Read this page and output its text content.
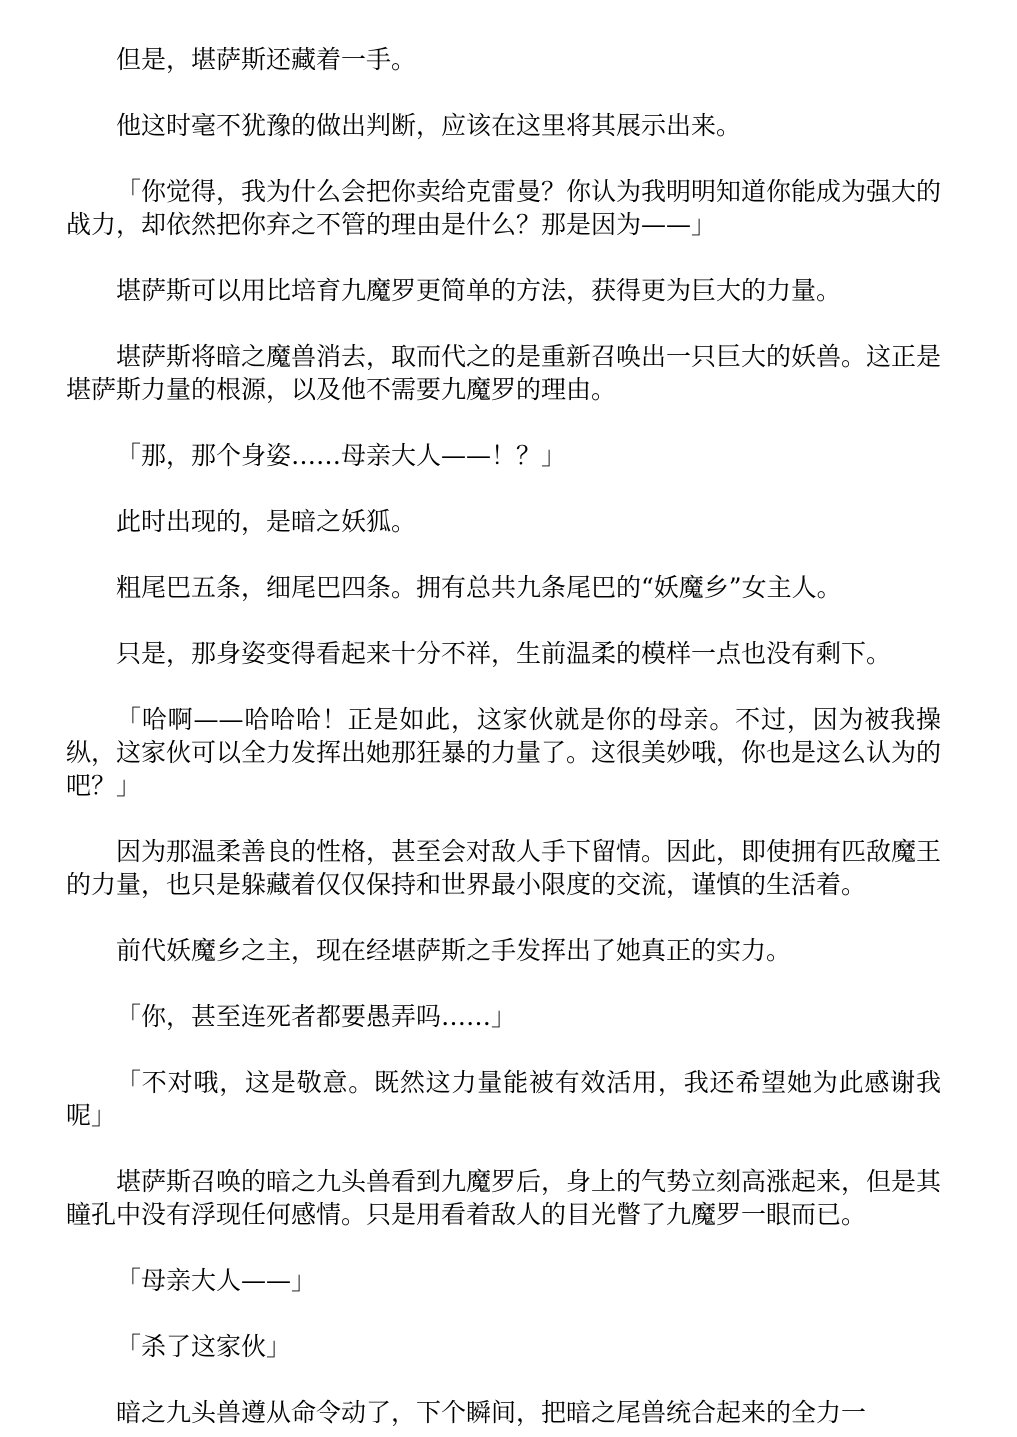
但是，堪萨斯还藏着一手。

他这时毫不犹豫的做出判断，应该在这里将其展示出来。

「你觉得，我为什么会把你卖给克雷曼？你认为我明明知道你能成为强大的战力，却依然把你弃之不管的理由是什么？那是因为——」

堪萨斯可以用比培育九魔罗更简单的方法，获得更为巨大的力量。

堪萨斯将暗之魔兽消去，取而代之的是重新召唤出一只巨大的妖兽。这正是堪萨斯力量的根源，以及他不需要九魔罗的理由。

「那，那个身姿……母亲大人——！？」

此时出现的，是暗之妖狐。

粗尾巴五条，细尾巴四条。拥有总共九条尾巴的“妖魔乡”女主人。

只是，那身姿变得看起来十分不祥，生前温柔的模样一点也没有剩下。

「哈啊——哈哈哈！正是如此，这家伙就是你的母亲。不过，因为被我操纵，这家伙可以全力发挥出她那狂暴的力量了。这很美妙哦，你也是这么认为的吧？」

因为那温柔善良的性格，甚至会对敌人手下留情。因此，即使拥有匹敌魔王的力量，也只是躲藏着仅仅保持和世界最小限度的交流，谨慎的生活着。

前代妖魔乡之主，现在经堪萨斯之手发挥出了她真正的实力。

「你，甚至连死者都要愚弄吗……」

「不对哦，这是敬意。既然这力量能被有效活用，我还希望她为此感谢我呢」

堪萨斯召唤的暗之九头兽看到九魔罗后，身上的气势立刻高涨起来，但是其瞳孔中没有浮现任何感情。只是用看着敌人的目光瞥了九魔罗一眼而已。

「母亲大人——」

「杀了这家伙」

暗之九头兽遵从命令动了，下个瞬间，把暗之尾兽统合起来的全力一
